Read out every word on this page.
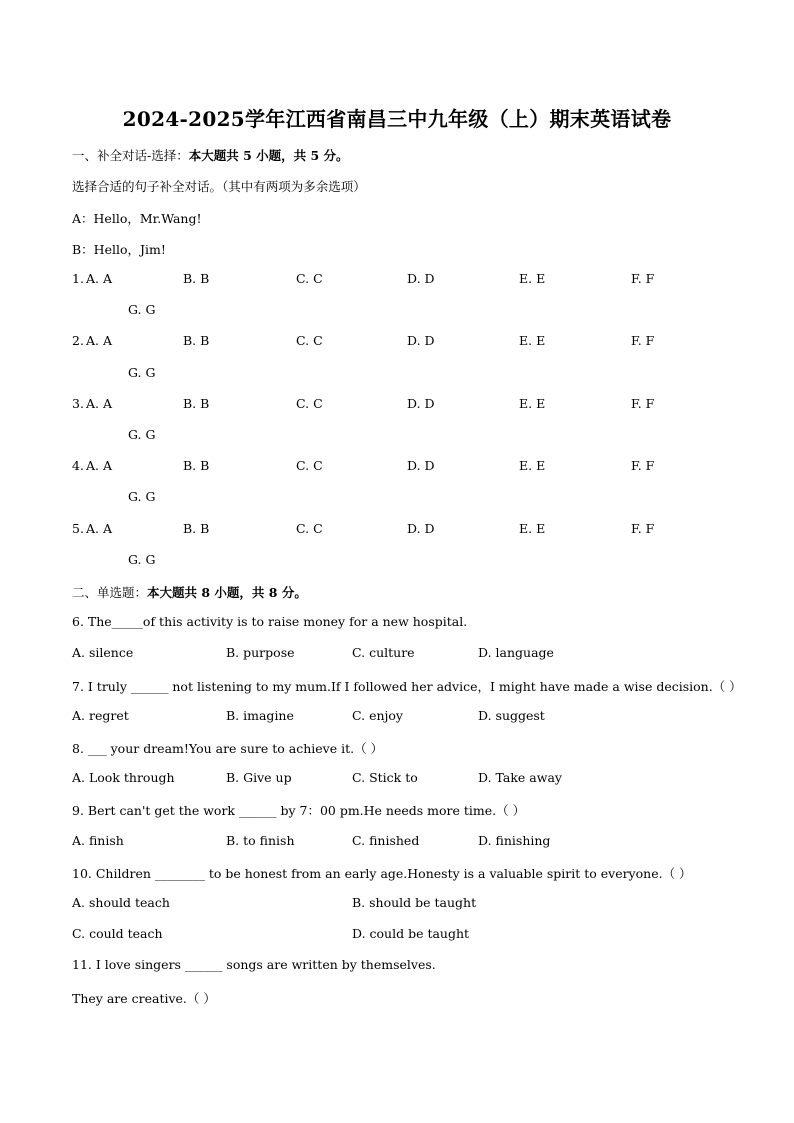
2024-2025学年江西省南昌三中九年级（上）期末英语试卷
一、补全对话-选择：本大题共 5 小题，共 5 分。
选择合适的句子补全对话。（其中有两项为多余选项）
A：Hello，Mr.Wang!
B：Hello，Jim!
1. A. A	B. B	C. C	D. D	E. E	F. F
G. G
2. A. A	B. B	C. C	D. D	E. E	F. F
G. G
3. A. A	B. B	C. C	D. D	E. E	F. F
G. G
4. A. A	B. B	C. C	D. D	E. E	F. F
G. G
5. A. A	B. B	C. C	D. D	E. E	F. F
G. G
二、单选题：本大题共 8 小题，共 8 分。
6. The_____of this activity is to raise money for a new hospital.
A. silence	B. purpose	C. culture	D. language
7. I truly ______ not listening to my mum.If I followed her advice，I might have made a wise decision.（ ）
A. regret	B. imagine	C. enjoy	D. suggest
8. ___ your dream!You are sure to achieve it.（ ）
A. Look through	B. Give up	C. Stick to	D. Take away
9. Bert can't get the work ______ by 7：00 pm.He needs more time.（ ）
A. finish	B. to finish	C. finished	D. finishing
10. Children ________ to be honest from an early age.Honesty is a valuable spirit to everyone.（ ）
A. should teach	B. should be taught
C. could teach	D. could be taught
11. I love singers ______ songs are written by themselves.
They are creative.（ ）
